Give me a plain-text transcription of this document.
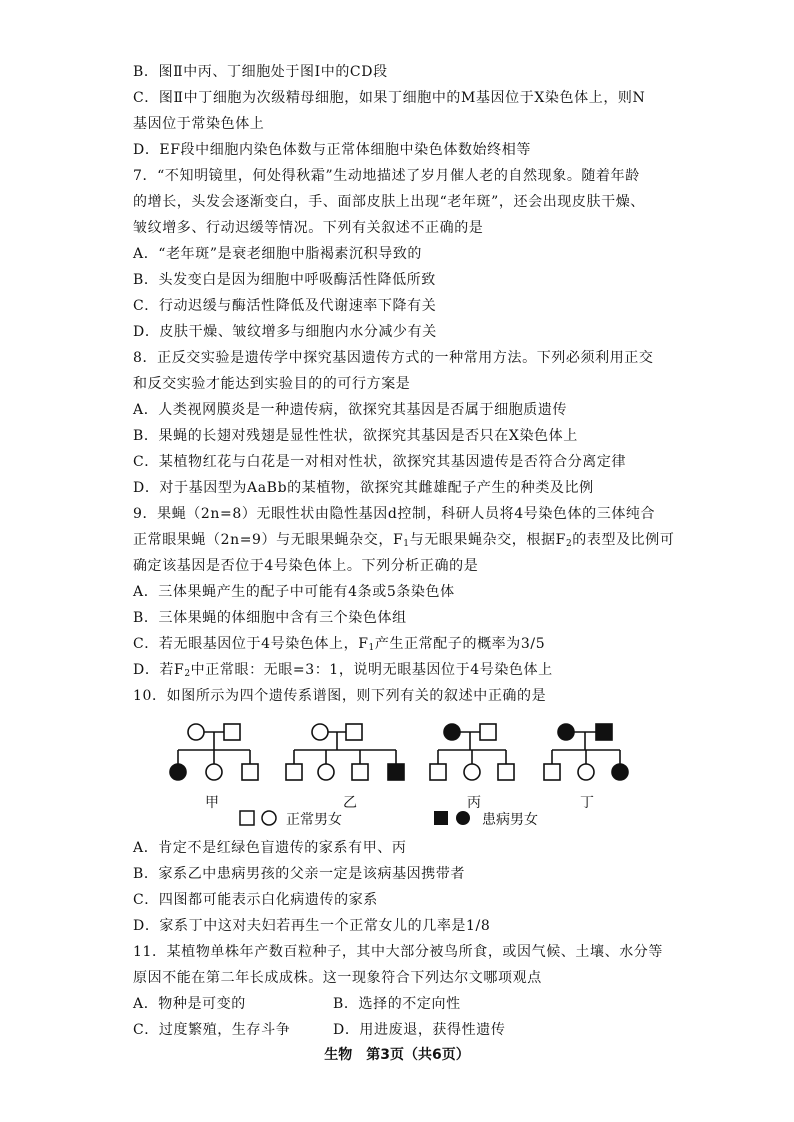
B．图Ⅱ中丙、丁细胞处于图Ⅰ中的CD段
C．图Ⅱ中丁细胞为次级精母细胞，如果丁细胞中的M基因位于X染色体上，则N
基因位于常染色体上
D．EF段中细胞内染色体数与正常体细胞中染色体数始终相等
7．“不知明镜里，何处得秋霜”生动地描述了岁月催人老的自然现象。随着年龄
的增长，头发会逐渐变白，手、面部皮肤上出现“老年斑”，还会出现皮肤干燥、
皱纹增多、行动迟缓等情况。下列有关叙述不正确的是
A．“老年斑”是衰老细胞中脂褐素沉积导致的
B．头发变白是因为细胞中呼吸酶活性降低所致
C．行动迟缓与酶活性降低及代谢速率下降有关
D．皮肤干燥、皱纹增多与细胞内水分减少有关
8．正反交实验是遗传学中探究基因遗传方式的一种常用方法。下列必须利用正交
和反交实验才能达到实验目的的可行方案是
A．人类视网膜炎是一种遗传病，欲探究其基因是否属于细胞质遗传
B．果蝇的长翅对残翅是显性性状，欲探究其基因是否只在X染色体上
C．某植物红花与白花是一对相对性状，欲探究其基因遗传是否符合分离定律
D．对于基因型为AaBb的某植物，欲探究其雌雄配子产生的种类及比例
9．果蝇（2n=8）无眼性状由隐性基因d控制，科研人员将4号染色体的三体纯合
正常眼果蝇（2n=9）与无眼果蝇杂交，$F_1$与无眼果蝇杂交，根据$F_2$的表型及比例可
确定该基因是否位于4号染色体上。下列分析正确的是
A．三体果蝇产生的配子中可能有4条或5条染色体
B．三体果蝇的体细胞中含有三个染色体组
C．若无眼基因位于4号染色体上，$F_1$产生正常配子的概率为3/5
D．若$F_2$中正常眼：无眼=3：1，说明无眼基因位于4号染色体上
10．如图所示为四个遗传系谱图，则下列有关的叙述中正确的是
甲	乙	丙	丁
正常男女	患病男女
A．肯定不是红绿色盲遗传的家系有甲、丙
B．家系乙中患病男孩的父亲一定是该病基因携带者
C．四图都可能表示白化病遗传的家系
D．家系丁中这对夫妇若再生一个正常女儿的几率是1/8
11．某植物单株年产数百粒种子，其中大部分被鸟所食，或因气候、土壤、水分等
原因不能在第二年长成成株。这一现象符合下列达尔文哪项观点
A．物种是可变的	B．选择的不定向性
C．过度繁殖，生存斗争	D．用进废退，获得性遗传
生物　第3页（共6页）
